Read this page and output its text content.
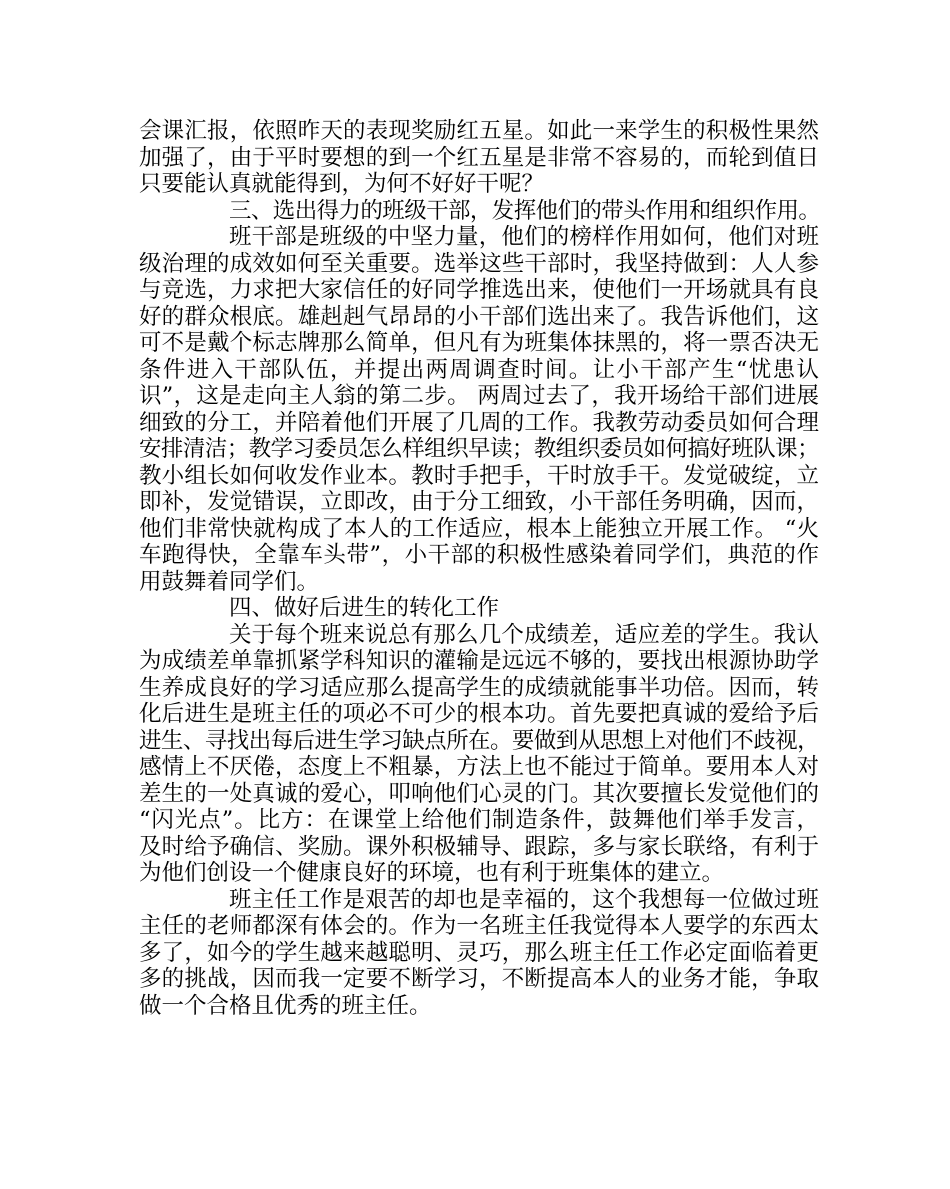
会课汇报，依照昨天的表现奖励红五星。如此一来学生的积极性果然
加强了，由于平时要想的到一个红五星是非常不容易的，而轮到值日
只要能认真就能得到，为何不好好干呢？
三、选出得力的班级干部，发挥他们的带头作用和组织作用。
班干部是班级的中坚力量，他们的榜样作用如何，他们对班
级治理的成效如何至关重要。选举这些干部时，我坚持做到：人人参
与竞选，力求把大家信任的好同学推选出来，使他们一开场就具有良
好的群众根底。雄赳赳气昂昂的小干部们选出来了。我告诉他们，这
可不是戴个标志牌那么简单，但凡有为班集体抹黑的，将一票否决无
条件进入干部队伍，并提出两周调查时间。让小干部产生“忧患认
识”，这是走向主人翁的第二步。 两周过去了，我开场给干部们进展
细致的分工，并陪着他们开展了几周的工作。我教劳动委员如何合理
安排清洁；教学习委员怎么样组织早读；教组织委员如何搞好班队课；
教小组长如何收发作业本。教时手把手，干时放手干。发觉破绽，立
即补，发觉错误，立即改，由于分工细致，小干部任务明确，因而，
他们非常快就构成了本人的工作适应，根本上能独立开展工作。 “火
车跑得快，全靠车头带”，小干部的积极性感染着同学们，典范的作
用鼓舞着同学们。
四、做好后进生的转化工作
关于每个班来说总有那么几个成绩差，适应差的学生。我认
为成绩差单靠抓紧学科知识的灌输是远远不够的，要找出根源协助学
生养成良好的学习适应那么提高学生的成绩就能事半功倍。因而，转
化后进生是班主任的项必不可少的根本功。首先要把真诚的爱给予后
进生、寻找出每后进生学习缺点所在。要做到从思想上对他们不歧视，
感情上不厌倦，态度上不粗暴，方法上也不能过于简单。要用本人对
差生的一处真诚的爱心，叩响他们心灵的门。其次要擅长发觉他们的
“闪光点”。比方：在课堂上给他们制造条件，鼓舞他们举手发言，
及时给予确信、奖励。课外积极辅导、跟踪，多与家长联络，有利于
为他们创设一个健康良好的环境，也有利于班集体的建立。
班主任工作是艰苦的却也是幸福的，这个我想每一位做过班
主任的老师都深有体会的。作为一名班主任我觉得本人要学的东西太
多了，如今的学生越来越聪明、灵巧，那么班主任工作必定面临着更
多的挑战，因而我一定要不断学习，不断提高本人的业务才能，争取
做一个合格且优秀的班主任。
